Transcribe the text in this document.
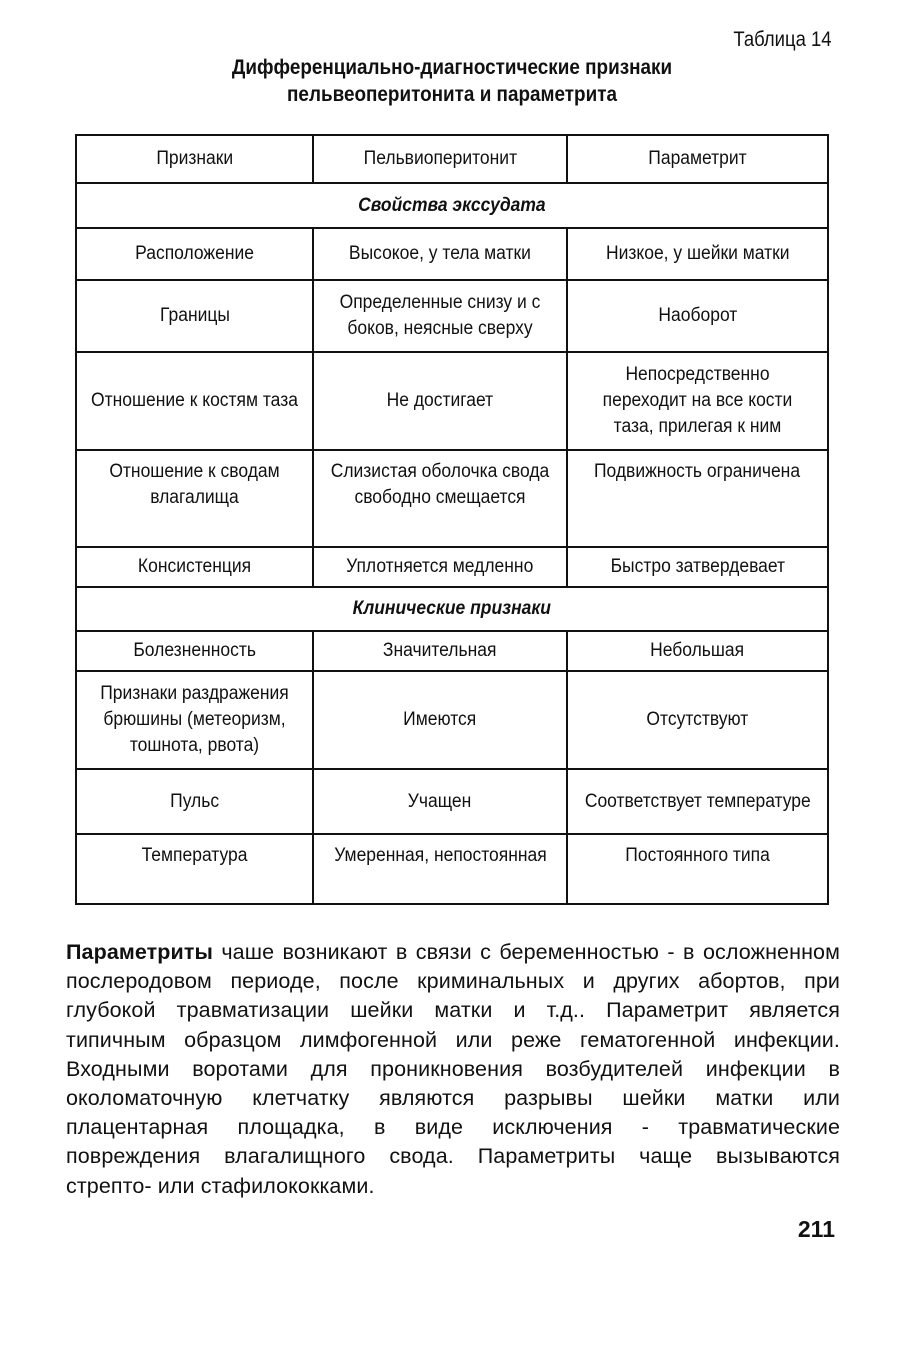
Таблица 14
Дифференциально-диагностические признаки
пельвеоперитонита и параметрита
Признаки	Пельвиоперитонит	Параметрит
Свойства экссудата		
Расположение	Высокое, у тела матки	Низкое, у шейки матки
Границы	Определенные снизу и с боков, неясные сверху	Наоборот
Отношение к костям таза	Не достигает	Непосредственно переходит на все кости таза, прилегая к ним
Отношение к сводам влагалища	Слизистая оболочка свода свободно смещается	Подвижность ограничена
Консистенция	Уплотняется медленно	Быстро затвердевает
Клинические признаки		
Болезненность	Значительная	Небольшая
Признаки раздражения брюшины (метеоризм, тошнота, рвота)	Имеются	Отсутствуют
Пульс	Учащен	Соответствует температуре
Температура	Умеренная, непостоянная	Постоянного типа
Параметриты чаше возникают в связи с беременностью - в осложненном послеродовом периоде, после криминальных и других абортов, при глубокой травматизации шейки матки и т.д.. Параметрит является типичным образцом лимфогенной или реже гематогенной инфекции. Входными воротами для проникновения возбудителей инфекции в околоматочную клетчатку являются разрывы шейки матки или плацентарная площадка, в виде исключения - травматические повреждения влагалищного свода. Параметриты чаще вызываются стрепто- или стафилококками.
211
